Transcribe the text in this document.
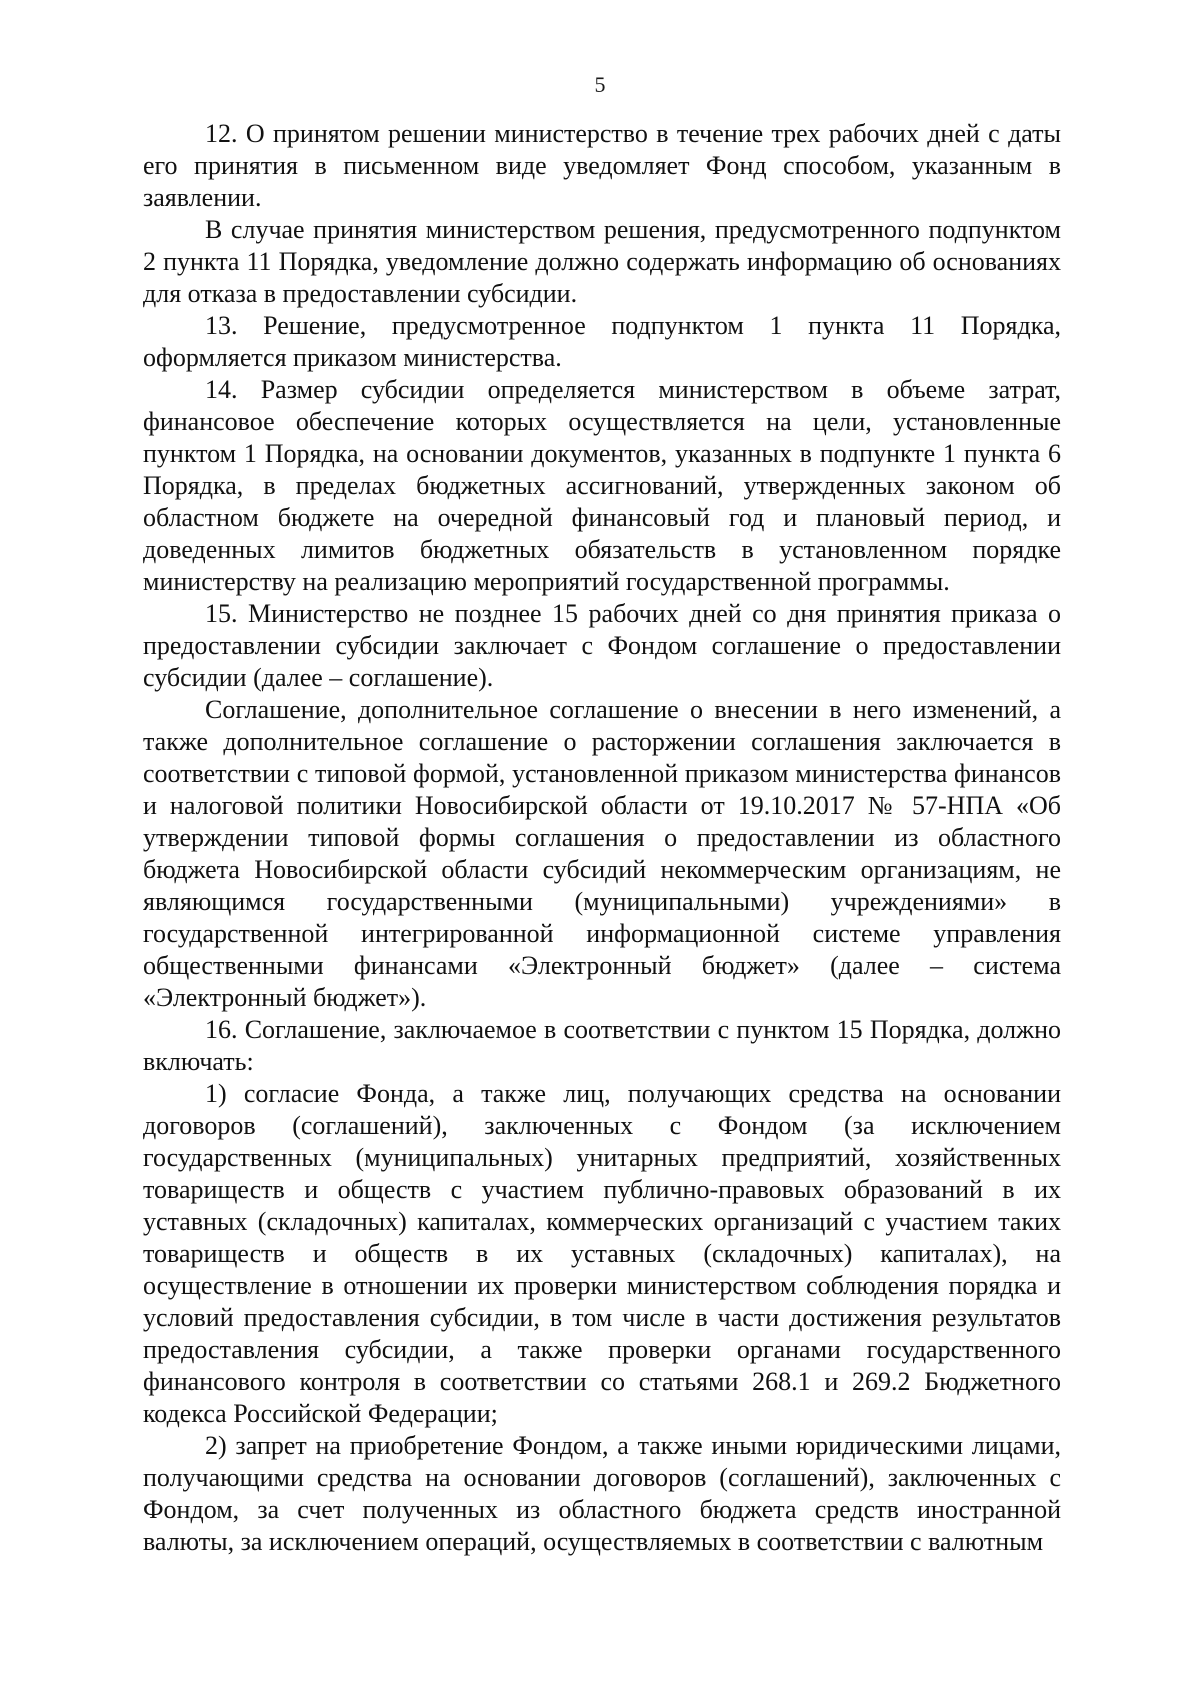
5

12. О принятом решении министерство в течение трех рабочих дней с даты его принятия в письменном виде уведомляет Фонд способом, указанным в заявлении.

В случае принятия министерством решения, предусмотренного подпунктом 2 пункта 11 Порядка, уведомление должно содержать информацию об основаниях для отказа в предоставлении субсидии.

13. Решение, предусмотренное подпунктом 1 пункта 11 Порядка, оформляется приказом министерства.

14. Размер субсидии определяется министерством в объеме затрат, финансовое обеспечение которых осуществляется на цели, установленные пунктом 1 Порядка, на основании документов, указанных в подпункте 1 пункта 6 Порядка, в пределах бюджетных ассигнований, утвержденных законом об областном бюджете на очередной финансовый год и плановый период, и доведенных лимитов бюджетных обязательств в установленном порядке министерству на реализацию мероприятий государственной программы.

15. Министерство не позднее 15 рабочих дней со дня принятия приказа о предоставлении субсидии заключает с Фондом соглашение о предоставлении субсидии (далее – соглашение).

Соглашение, дополнительное соглашение о внесении в него изменений, а также дополнительное соглашение о расторжении соглашения заключается в соответствии с типовой формой, установленной приказом министерства финансов и налоговой политики Новосибирской области от 19.10.2017 № 57-НПА «Об утверждении типовой формы соглашения о предоставлении из областного бюджета Новосибирской области субсидий некоммерческим организациям, не являющимся государственными (муниципальными) учреждениями» в государственной интегрированной информационной системе управления общественными финансами «Электронный бюджет» (далее – система «Электронный бюджет»).

16. Соглашение, заключаемое в соответствии с пунктом 15 Порядка, должно включать:

1) согласие Фонда, а также лиц, получающих средства на основании договоров (соглашений), заключенных с Фондом (за исключением государственных (муниципальных) унитарных предприятий, хозяйственных товариществ и обществ с участием публично-правовых образований в их уставных (складочных) капиталах, коммерческих организаций с участием таких товариществ и обществ в их уставных (складочных) капиталах), на осуществление в отношении их проверки министерством соблюдения порядка и условий предоставления субсидии, в том числе в части достижения результатов предоставления субсидии, а также проверки органами государственного финансового контроля в соответствии со статьями 268.1 и 269.2 Бюджетного кодекса Российской Федерации;

2) запрет на приобретение Фондом, а также иными юридическими лицами, получающими средства на основании договоров (соглашений), заключенных с Фондом, за счет полученных из областного бюджета средств иностранной валюты, за исключением операций, осуществляемых в соответствии с валютным
